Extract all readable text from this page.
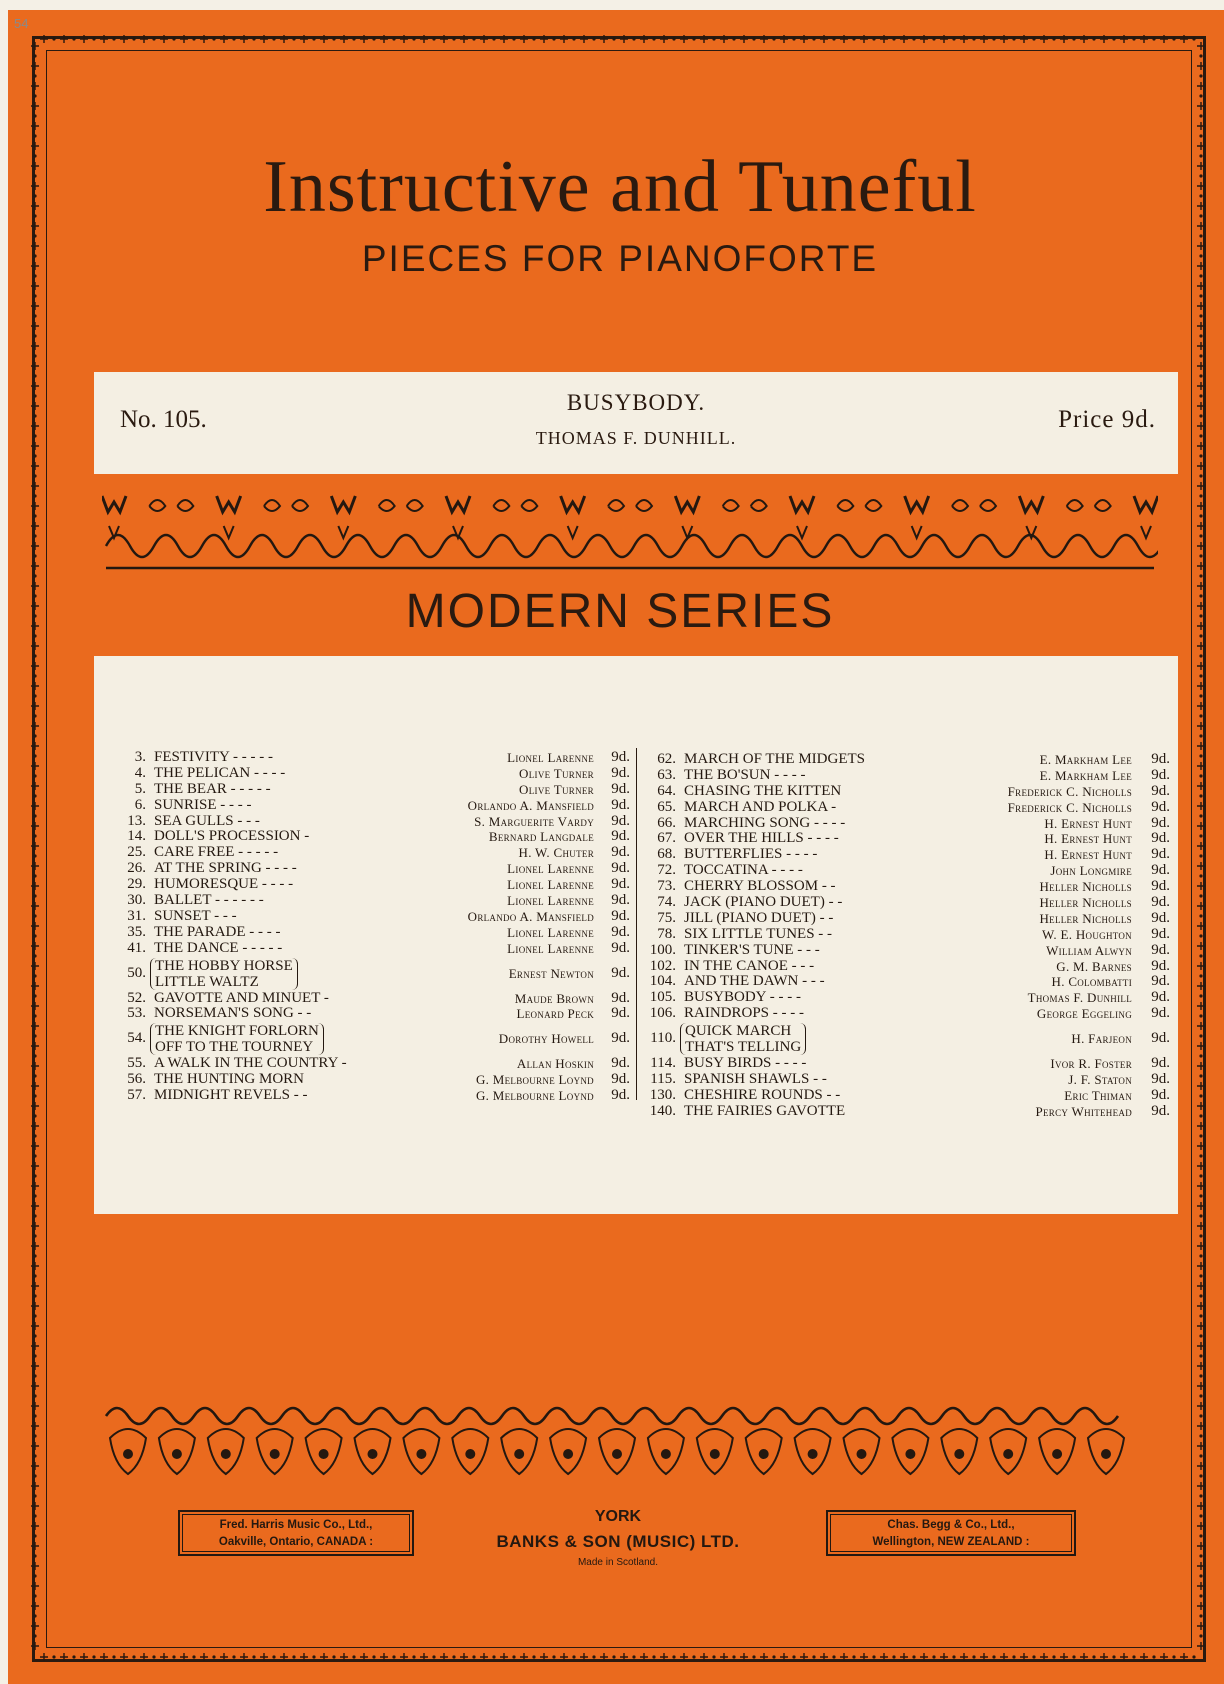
54
Instructive and Tuneful
PIECES FOR PIANOFORTE
No. 105.
BUSYBODY.
THOMAS F. DUNHILL.
Price 9d.
MODERN SERIES
3. FESTIVITY - - - - -	Lionel Larenne 9d.
4. THE PELICAN - - - -	Olive Turner 9d.
5. THE BEAR - - - - -	Olive Turner 9d.
6. SUNRISE - - - -	Orlando A. Mansfield 9d.
13. SEA GULLS - - -	S. Marguerite Vardy 9d.
14. DOLL'S PROCESSION -	Bernard Langdale 9d.
25. CARE FREE - - - - -	H. W. Chuter 9d.
26. AT THE SPRING - - - -	Lionel Larenne 9d.
29. HUMORESQUE - - - -	Lionel Larenne 9d.
30. BALLET - - - - - -	Lionel Larenne 9d.
31. SUNSET - - -	Orlando A. Mansfield 9d.
35. THE PARADE - - - -	Lionel Larenne 9d.
41. THE DANCE - - - - -	Lionel Larenne 9d.
50. THE HOBBY HORSE
LITTLE WALTZ
Ernest Newton 9d.
52. GAVOTTE AND MINUET -	Maude Brown 9d.
53. NORSEMAN'S SONG - -	Leonard Peck 9d.
54. THE KNIGHT FORLORN
OFF TO THE TOURNEY
Dorothy Howell 9d.
55. A WALK IN THE COUNTRY -	Allan Hoskin 9d.
56. THE HUNTING MORN	G. Melbourne Loynd 9d.
57. MIDNIGHT REVELS - -	G. Melbourne Loynd 9d.
62. MARCH OF THE MIDGETS	E. Markham Lee 9d.
63. THE BO'SUN - - - -	E. Markham Lee 9d.
64. CHASING THE KITTEN	Frederick C. Nicholls 9d.
65. MARCH AND POLKA -	Frederick C. Nicholls 9d.
66. MARCHING SONG - - - -	H. Ernest Hunt 9d.
67. OVER THE HILLS - - - -	H. Ernest Hunt 9d.
68. BUTTERFLIES - - - -	H. Ernest Hunt 9d.
72. TOCCATINA - - - -	John Longmire 9d.
73. CHERRY BLOSSOM - -	Heller Nicholls 9d.
74. JACK (PIANO DUET) - -	Heller Nicholls 9d.
75. JILL (PIANO DUET) - -	Heller Nicholls 9d.
78. SIX LITTLE TUNES - -	W. E. Houghton 9d.
100. TINKER'S TUNE - - -	William Alwyn 9d.
102. IN THE CANOE - - -	G. M. Barnes 9d.
104. AND THE DAWN - - -	H. Colombatti 9d.
105. BUSYBODY - - - -	Thomas F. Dunhill 9d.
106. RAINDROPS - - - -	George Eggeling 9d.
110. QUICK MARCH
THAT'S TELLING
H. Farjeon 9d.
114. BUSY BIRDS - - - -	Ivor R. Foster 9d.
115. SPANISH SHAWLS - -	J. F. Staton 9d.
130. CHESHIRE ROUNDS - -	Eric Thiman 9d.
140. THE FAIRIES GAVOTTE	Percy Whitehead 9d.
Fred. Harris Music Co., Ltd.,
Oakville, Ontario, CANADA :
YORK
BANKS & SON (MUSIC) LTD.
Made in Scotland.
Chas. Begg & Co., Ltd.,
Wellington, NEW ZEALAND :
